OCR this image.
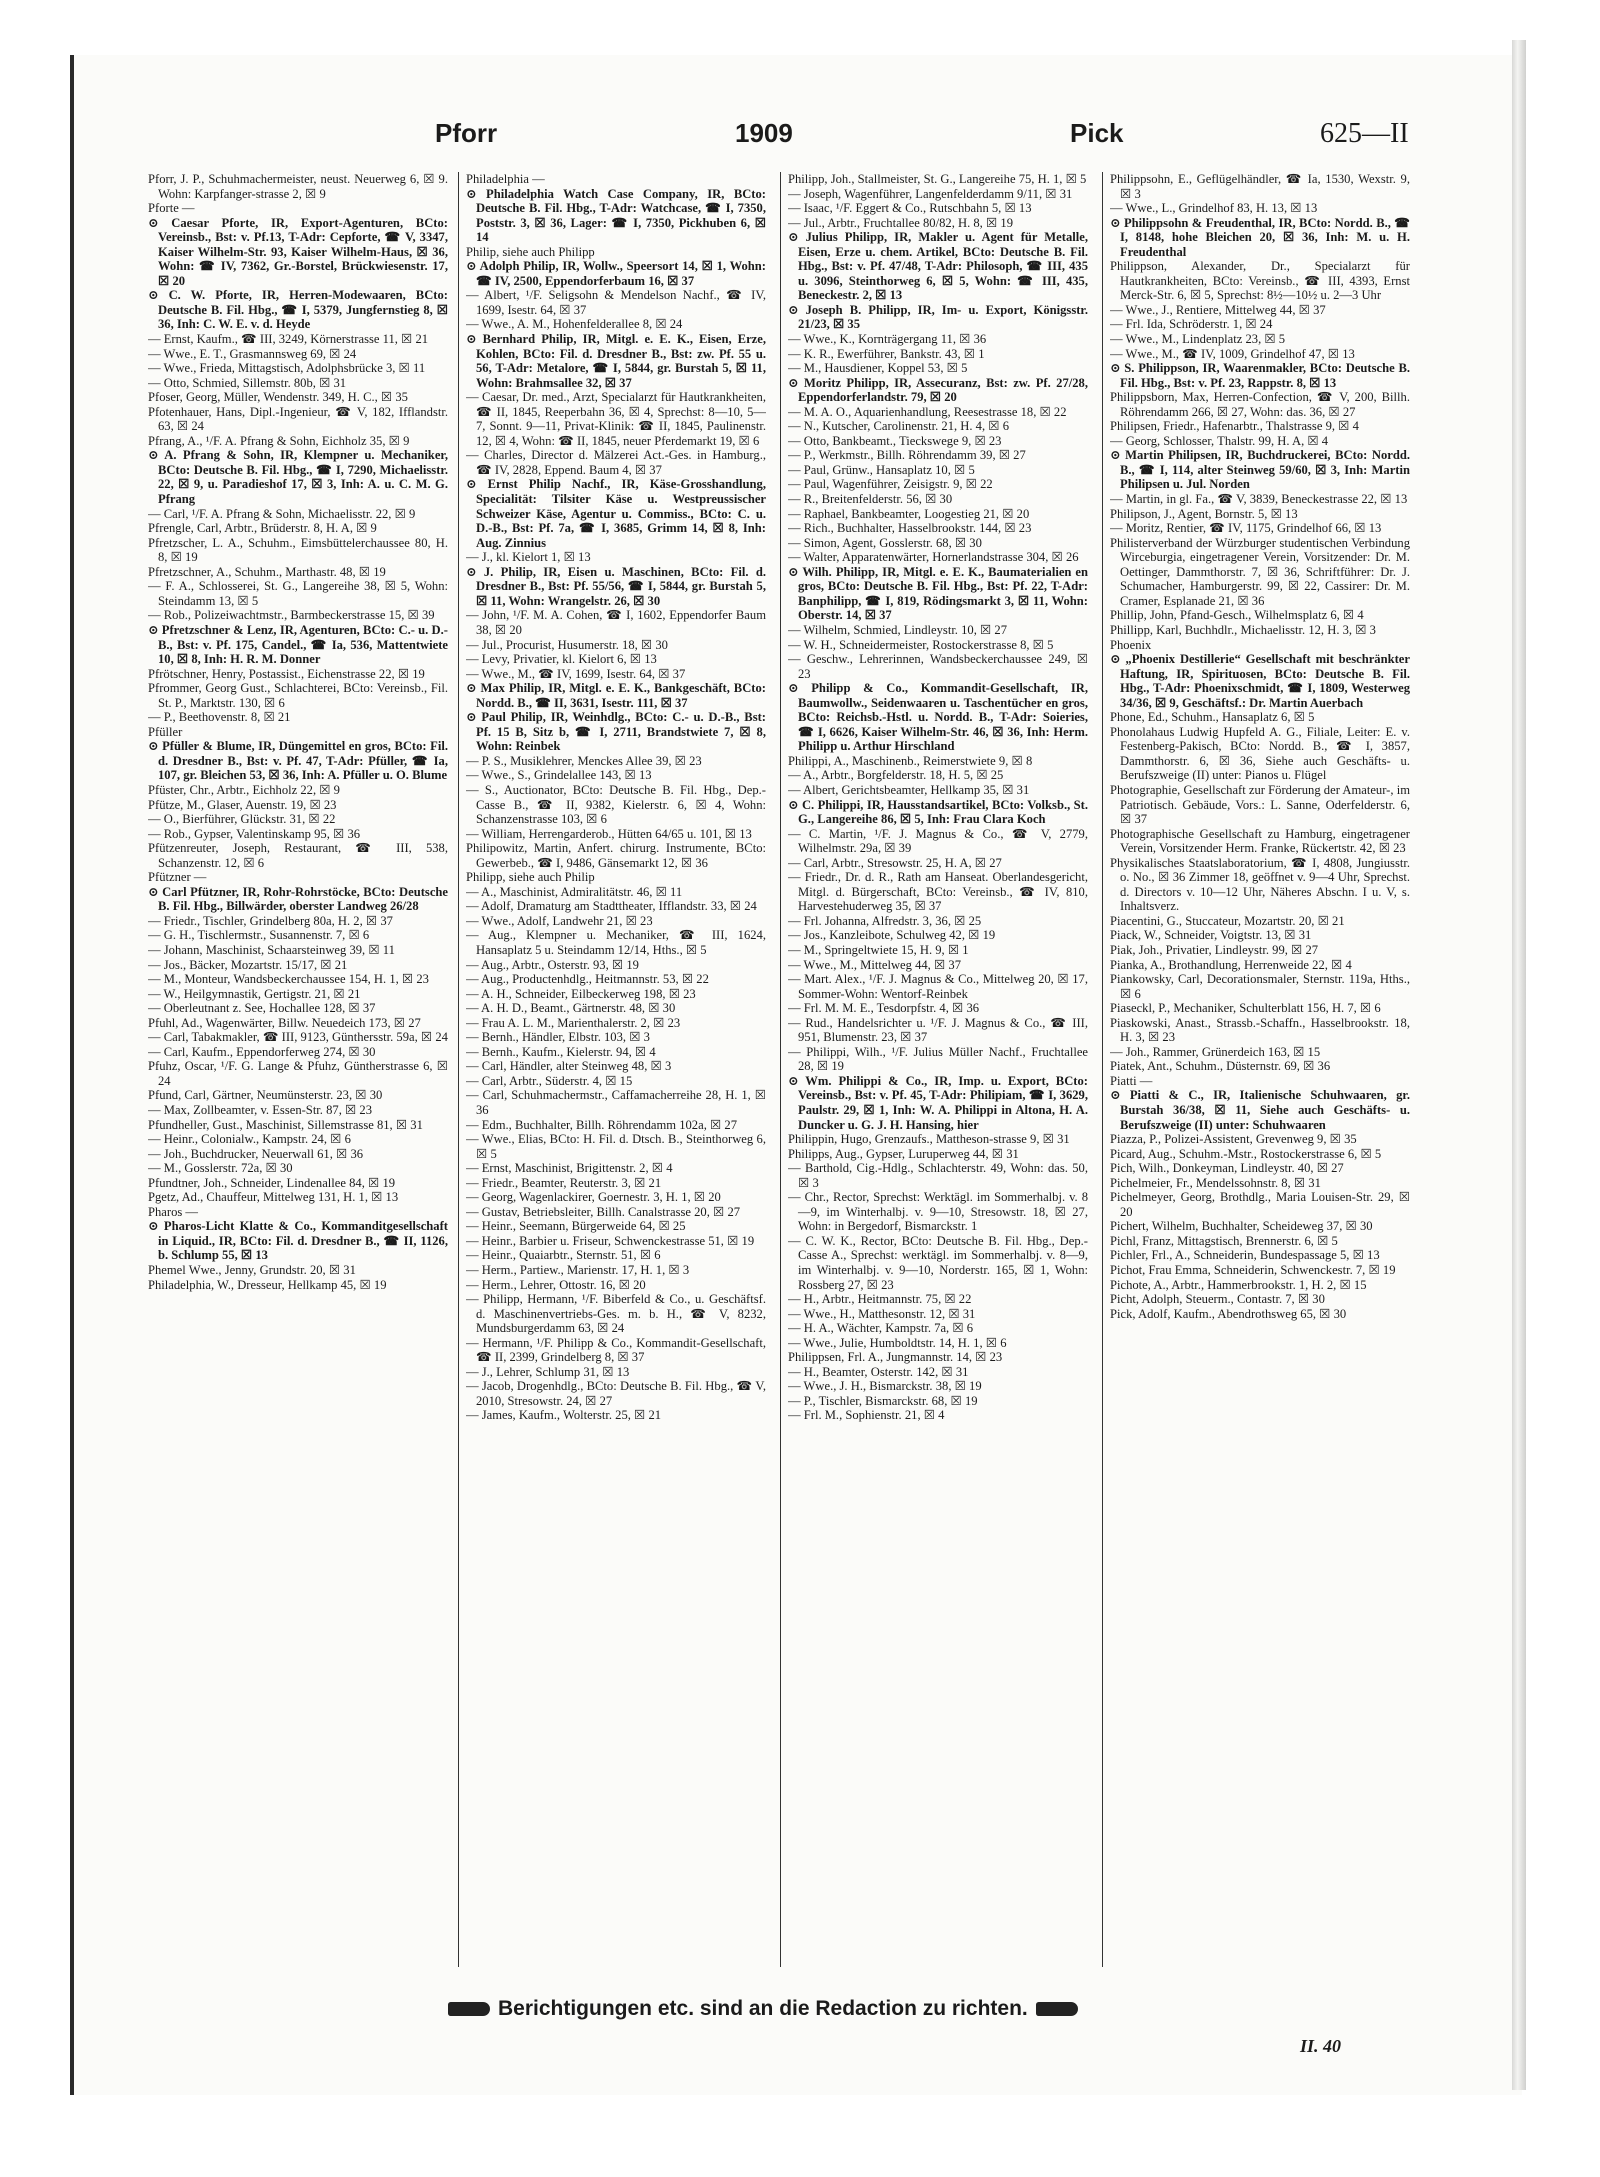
Pforr	1909	Pick	625—II

Pforr, J. P., Schuhmachermeister, neust. Neuerweg 6, ☒ 9. Wohn: Karpfanger-strasse 2, ☒ 9

Pforte —

⊙ Caesar Pforte, IR, Export-Agenturen, BCto: Vereinsb., Bst: v. Pf.13, T-Adr: Cepforte, ☎ V, 3347, Kaiser Wilhelm-Str. 93, Kaiser Wilhelm-Haus, ☒ 36, Wohn: ☎ IV, 7362, Gr.-Borstel, Brückwiesenstr. 17, ☒ 20

⊙ C. W. Pforte, IR, Herren-Modewaaren, BCto: Deutsche B. Fil. Hbg., ☎ I, 5379, Jungfernstieg 8, ☒ 36, Inh: C. W. E. v. d. Heyde

— Ernst, Kaufm., ☎ III, 3249, Körnerstrasse 11, ☒ 21

— Wwe., E. T., Grasmannsweg 69, ☒ 24

— Wwe., Frieda, Mittagstisch, Adolphsbrücke 3, ☒ 11

— Otto, Schmied, Sillemstr. 80b, ☒ 31

Pfoser, Georg, Müller, Wendenstr. 349, H. C., ☒ 35

Pfotenhauer, Hans, Dipl.-Ingenieur, ☎ V, 182, Ifflandstr. 63, ☒ 24

Pfrang, A., ¹/F. A. Pfrang & Sohn, Eichholz 35, ☒ 9

⊙ A. Pfrang & Sohn, IR, Klempner u. Mechaniker, BCto: Deutsche B. Fil. Hbg., ☎ I, 7290, Michaelisstr. 22, ☒ 9, u. Paradieshof 17, ☒ 3, Inh: A. u. C. M. G. Pfrang

— Carl, ¹/F. A. Pfrang & Sohn, Michaelisstr. 22, ☒ 9

Pfrengle, Carl, Arbtr., Brüderstr. 8, H. A, ☒ 9

Pfretzscher, L. A., Schuhm., Eimsbüttelerchaussee 80, H. 8, ☒ 19

Pfretzschner, A., Schuhm., Marthastr. 48, ☒ 19

— F. A., Schlosserei, St. G., Langereihe 38, ☒ 5, Wohn: Steindamm 13, ☒ 5

— Rob., Polizeiwachtmstr., Barmbeckerstrasse 15, ☒ 39

⊙ Pfretzschner & Lenz, IR, Agenturen, BCto: C.- u. D.-B., Bst: v. Pf. 175, Candel., ☎ Ia, 536, Mattentwiete 10, ☒ 8, Inh: H. R. M. Donner

Pfrötschner, Henry, Postassist., Eichenstrasse 22, ☒ 19

Pfrommer, Georg Gust., Schlachterei, BCto: Vereinsb., Fil. St. P., Marktstr. 130, ☒ 6

— P., Beethovenstr. 8, ☒ 21

Pfüller

⊙ Pfüller & Blume, IR, Düngemittel en gros, BCto: Fil. d. Dresdner B., Bst: v. Pf. 47, T-Adr: Pfüller, ☎ Ia, 107, gr. Bleichen 53, ☒ 36, Inh: A. Pfüller u. O. Blume

Pfüster, Chr., Arbtr., Eichholz 22, ☒ 9

Pfütze, M., Glaser, Auenstr. 19, ☒ 23

— O., Bierführer, Glückstr. 31, ☒ 22

— Rob., Gypser, Valentinskamp 95, ☒ 36

Pfützenreuter, Joseph, Restaurant, ☎ III, 538, Schanzenstr. 12, ☒ 6

Pfützner —

⊙ Carl Pfützner, IR, Rohr-Rohrstöcke, BCto: Deutsche B. Fil. Hbg., Billwärder, oberster Landweg 26/28

— Friedr., Tischler, Grindelberg 80a, H. 2, ☒ 37

— G. H., Tischlermstr., Susannenstr. 7, ☒ 6

— Johann, Maschinist, Schaarsteinweg 39, ☒ 11

— Jos., Bäcker, Mozartstr. 15/17, ☒ 21

— M., Monteur, Wandsbeckerchaussee 154, H. 1, ☒ 23

— W., Heilgymnastik, Gertigstr. 21, ☒ 21

— Oberleutnant z. See, Hochallee 128, ☒ 37

Pfuhl, Ad., Wagenwärter, Billw. Neuedeich 173, ☒ 27

— Carl, Tabakmakler, ☎ III, 9123, Günthersstr. 59a, ☒ 24

— Carl, Kaufm., Eppendorferweg 274, ☒ 30

Pfuhz, Oscar, ¹/F. G. Lange & Pfuhz, Güntherstrasse 6, ☒ 24

Pfund, Carl, Gärtner, Neumünsterstr. 23, ☒ 30

— Max, Zollbeamter, v. Essen-Str. 87, ☒ 23

Pfundheller, Gust., Maschinist, Sillemstrasse 81, ☒ 31

— Heinr., Colonialw., Kampstr. 24, ☒ 6

— Joh., Buchdrucker, Neuerwall 61, ☒ 36

— M., Gosslerstr. 72a, ☒ 30

Pfundtner, Joh., Schneider, Lindenallee 84, ☒ 19

Pgetz, Ad., Chauffeur, Mittelweg 131, H. 1, ☒ 13

Pharos —

⊙ Pharos-Licht Klatte & Co., Kommanditgesellschaft in Liquid., IR, BCto: Fil. d. Dresdner B., ☎ II, 1126, b. Schlump 55, ☒ 13

Phemel Wwe., Jenny, Grundstr. 20, ☒ 31

Philadelphia, W., Dresseur, Hellkamp 45, ☒ 19

Philadelphia —

⊙ Philadelphia Watch Case Company, IR, BCto: Deutsche B. Fil. Hbg., T-Adr: Watchcase, ☎ I, 7350, Poststr. 3, ☒ 36, Lager: ☎ I, 7350, Pickhuben 6, ☒ 14

Philip, siehe auch Philipp

⊙ Adolph Philip, IR, Wollw., Speersort 14, ☒ 1, Wohn: ☎ IV, 2500, Eppendorferbaum 16, ☒ 37

— Albert, ¹/F. Seligsohn & Mendelson Nachf., ☎ IV, 1699, Isestr. 64, ☒ 37

— Wwe., A. M., Hohenfelderallee 8, ☒ 24

⊙ Bernhard Philip, IR, Mitgl. e. E. K., Eisen, Erze, Kohlen, BCto: Fil. d. Dresdner B., Bst: zw. Pf. 55 u. 56, T-Adr: Metalore, ☎ I, 5844, gr. Burstah 5, ☒ 11, Wohn: Brahmsallee 32, ☒ 37

— Caesar, Dr. med., Arzt, Specialarzt für Hautkrankheiten, ☎ II, 1845, Reeperbahn 36, ☒ 4, Sprechst: 8—10, 5—7, Sonnt. 9—11, Privat-Klinik: ☎ II, 1845, Paulinenstr. 12, ☒ 4, Wohn: ☎ II, 1845, neuer Pferdemarkt 19, ☒ 6

— Charles, Director d. Mälzerei Act.-Ges. in Hamburg., ☎ IV, 2828, Eppend. Baum 4, ☒ 37

⊙ Ernst Philip Nachf., IR, Käse-Grosshandlung, Specialität: Tilsiter Käse u. Westpreussischer Schweizer Käse, Agentur u. Commiss., BCto: C. u. D.-B., Bst: Pf. 7a, ☎ I, 3685, Grimm 14, ☒ 8, Inh: Aug. Zinnius

— J., kl. Kielort 1, ☒ 13

⊙ J. Philip, IR, Eisen u. Maschinen, BCto: Fil. d. Dresdner B., Bst: Pf. 55/56, ☎ I, 5844, gr. Burstah 5, ☒ 11, Wohn: Wrangelstr. 26, ☒ 30

— John, ¹/F. M. A. Cohen, ☎ I, 1602, Eppendorfer Baum 38, ☒ 20

— Jul., Procurist, Husumerstr. 18, ☒ 30

— Levy, Privatier, kl. Kielort 6, ☒ 13

— Wwe., M., ☎ IV, 1699, Isestr. 64, ☒ 37

⊙ Max Philip, IR, Mitgl. e. E. K., Bankgeschäft, BCto: Nordd. B., ☎ II, 3631, Isestr. 111, ☒ 37

⊙ Paul Philip, IR, Weinhdlg., BCto: C.- u. D.-B., Bst: Pf. 15 B, Sitz b, ☎ I, 2711, Brandstwiete 7, ☒ 8, Wohn: Reinbek

— P. S., Musiklehrer, Menckes Allee 39, ☒ 23

— Wwe., S., Grindelallee 143, ☒ 13

— S., Auctionator, BCto: Deutsche B. Fil. Hbg., Dep.-Casse B., ☎ II, 9382, Kielerstr. 6, ☒ 4, Wohn: Schanzenstrasse 103, ☒ 6

— William, Herrengarderob., Hütten 64/65 u. 101, ☒ 13

Philipowitz, Martin, Anfert. chirurg. Instrumente, BCto: Gewerbeb., ☎ I, 9486, Gänsemarkt 12, ☒ 36

Philipp, siehe auch Philip

— A., Maschinist, Admiralitätstr. 46, ☒ 11

— Adolf, Dramaturg am Stadttheater, Ifflandstr. 33, ☒ 24

— Wwe., Adolf, Landwehr 21, ☒ 23

— Aug., Klempner u. Mechaniker, ☎ III, 1624, Hansaplatz 5 u. Steindamm 12/14, Hths., ☒ 5

— Aug., Arbtr., Osterstr. 93, ☒ 19

— Aug., Productenhdlg., Heitmannstr. 53, ☒ 22

— A. H., Schneider, Eilbeckerweg 198, ☒ 23

— A. H. D., Beamt., Gärtnerstr. 48, ☒ 30

— Frau A. L. M., Marienthalerstr. 2, ☒ 23

— Bernh., Händler, Elbstr. 103, ☒ 3

— Bernh., Kaufm., Kielerstr. 94, ☒ 4

— Carl, Händler, alter Steinweg 48, ☒ 3

— Carl, Arbtr., Süderstr. 4, ☒ 15

— Carl, Schuhmachermstr., Caffamacherreihe 28, H. 1, ☒ 36

— Edm., Buchhalter, Billh. Röhrendamm 102a, ☒ 27

— Wwe., Elias, BCto: H. Fil. d. Dtsch. B., Steinthorweg 6, ☒ 5

— Ernst, Maschinist, Brigittenstr. 2, ☒ 4

— Friedr., Beamter, Reuterstr. 3, ☒ 21

— Georg, Wagenlackirer, Goernestr. 3, H. 1, ☒ 20

— Gustav, Betriebsleiter, Billh. Canalstrasse 20, ☒ 27

— Heinr., Seemann, Bürgerweide 64, ☒ 25

— Heinr., Barbier u. Friseur, Schwenckestrasse 51, ☒ 19

— Heinr., Quaiarbtr., Sternstr. 51, ☒ 6

— Herm., Partiew., Marienstr. 17, H. 1, ☒ 3

— Herm., Lehrer, Ottostr. 16, ☒ 20

— Philipp, Hermann, ¹/F. Biberfeld & Co., u. Geschäftsf. d. Maschinenvertriebs-Ges. m. b. H., ☎ V, 8232, Mundsburgerdamm 63, ☒ 24

— Hermann, ¹/F. Philipp & Co., Kommandit-Gesellschaft, ☎ II, 2399, Grindelberg 8, ☒ 37

— J., Lehrer, Schlump 31, ☒ 13

— Jacob, Drogenhdlg., BCto: Deutsche B. Fil. Hbg., ☎ V, 2010, Stresowstr. 24, ☒ 27

— James, Kaufm., Wolterstr. 25, ☒ 21

Philipp, Joh., Stallmeister, St. G., Langereihe 75, H. 1, ☒ 5

— Joseph, Wagenführer, Langenfelderdamm 9/11, ☒ 31

— Isaac, ¹/F. Eggert & Co., Rutschbahn 5, ☒ 13

— Jul., Arbtr., Fruchtallee 80/82, H. 8, ☒ 19

⊙ Julius Philipp, IR, Makler u. Agent für Metalle, Eisen, Erze u. chem. Artikel, BCto: Deutsche B. Fil. Hbg., Bst: v. Pf. 47/48, T-Adr: Philosoph, ☎ III, 435 u. 3096, Steinthorweg 6, ☒ 5, Wohn: ☎ III, 435, Beneckestr. 2, ☒ 13

⊙ Joseph B. Philipp, IR, Im- u. Export, Königsstr. 21/23, ☒ 35

— Wwe., K., Kornträgergang 11, ☒ 36

— K. R., Ewerführer, Bankstr. 43, ☒ 1

— M., Hausdiener, Koppel 53, ☒ 5

⊙ Moritz Philipp, IR, Assecuranz, Bst: zw. Pf. 27/28, Eppendorferlandstr. 79, ☒ 20

— M. A. O., Aquarienhandlung, Reesestrasse 18, ☒ 22

— N., Kutscher, Carolinenstr. 21, H. 4, ☒ 6

— Otto, Bankbeamt., Tieckswege 9, ☒ 23

— P., Werkmstr., Billh. Röhrendamm 39, ☒ 27

— Paul, Grünw., Hansaplatz 10, ☒ 5

— Paul, Wagenführer, Zeisigstr. 9, ☒ 22

— R., Breitenfelderstr. 56, ☒ 30

— Raphael, Bankbeamter, Loogestieg 21, ☒ 20

— Rich., Buchhalter, Hasselbrookstr. 144, ☒ 23

— Simon, Agent, Gosslerstr. 68, ☒ 30

— Walter, Apparatenwärter, Hornerlandstrasse 304, ☒ 26

⊙ Wilh. Philipp, IR, Mitgl. e. E. K., Baumaterialien en gros, BCto: Deutsche B. Fil. Hbg., Bst: Pf. 22, T-Adr: Banphilipp, ☎ I, 819, Rödingsmarkt 3, ☒ 11, Wohn: Oberstr. 14, ☒ 37

— Wilhelm, Schmied, Lindleystr. 10, ☒ 27

— W. H., Schneidermeister, Rostockerstrasse 8, ☒ 5

— Geschw., Lehrerinnen, Wandsbeckerchaussee 249, ☒ 23

⊙ Philipp & Co., Kommandit-Gesellschaft, IR, Baumwollw., Seidenwaaren u. Taschentücher en gros, BCto: Reichsb.-Hstl. u. Nordd. B., T-Adr: Soieries, ☎ I, 6626, Kaiser Wilhelm-Str. 46, ☒ 36, Inh: Herm. Philipp u. Arthur Hirschland

Philippi, A., Maschinenb., Reimerstwiete 9, ☒ 8

— A., Arbtr., Borgfelderstr. 18, H. 5, ☒ 25

— Albert, Gerichtsbeamter, Hellkamp 35, ☒ 31

⊙ C. Philippi, IR, Hausstandsartikel, BCto: Volksb., St. G., Langereihe 86, ☒ 5, Inh: Frau Clara Koch

— C. Martin, ¹/F. J. Magnus & Co., ☎ V, 2779, Wilhelmstr. 29a, ☒ 39

— Carl, Arbtr., Stresowstr. 25, H. A, ☒ 27

— Friedr., Dr. d. R., Rath am Hanseat. Oberlandesgericht, Mitgl. d. Bürgerschaft, BCto: Vereinsb., ☎ IV, 810, Harvestehuderweg 35, ☒ 37

— Frl. Johanna, Alfredstr. 3, 36, ☒ 25

— Jos., Kanzleibote, Schulweg 42, ☒ 19

— M., Springeltwiete 15, H. 9, ☒ 1

— Wwe., M., Mittelweg 44, ☒ 37

— Mart. Alex., ¹/F. J. Magnus & Co., Mittelweg 20, ☒ 17, Sommer-Wohn: Wentorf-Reinbek

— Frl. M. M. E., Tesdorpfstr. 4, ☒ 36

— Rud., Handelsrichter u. ¹/F. J. Magnus & Co., ☎ III, 951, Blumenstr. 23, ☒ 37

— Philippi, Wilh., ¹/F. Julius Müller Nachf., Fruchtallee 28, ☒ 19

⊙ Wm. Philippi & Co., IR, Imp. u. Export, BCto: Vereinsb., Bst: v. Pf. 45, T-Adr: Philipiam, ☎ I, 3629, Paulstr. 29, ☒ 1, Inh: W. A. Philippi in Altona, H. A. Duncker u. G. J. H. Hansing, hier

Philippin, Hugo, Grenzaufs., Mattheson-strasse 9, ☒ 31

Philipps, Aug., Gypser, Luruperweg 44, ☒ 31

— Barthold, Cig.-Hdlg., Schlachterstr. 49, Wohn: das. 50, ☒ 3

— Chr., Rector, Sprechst: Werktägl. im Sommerhalbj. v. 8—9, im Winterhalbj. v. 9—10, Stresowstr. 18, ☒ 27, Wohn: in Bergedorf, Bismarckstr. 1

— C. W. K., Rector, BCto: Deutsche B. Fil. Hbg., Dep.-Casse A., Sprechst: werktägl. im Sommerhalbj. v. 8—9, im Winterhalbj. v. 9—10, Norderstr. 165, ☒ 1, Wohn: Rossberg 27, ☒ 23

— H., Arbtr., Heitmannstr. 75, ☒ 22

— Wwe., H., Matthesonstr. 12, ☒ 31

— H. A., Wächter, Kampstr. 7a, ☒ 6

— Wwe., Julie, Humboldtstr. 14, H. 1, ☒ 6

Philippsen, Frl. A., Jungmannstr. 14, ☒ 23

— H., Beamter, Osterstr. 142, ☒ 31

— Wwe., J. H., Bismarckstr. 38, ☒ 19

— P., Tischler, Bismarckstr. 68, ☒ 19

— Frl. M., Sophienstr. 21, ☒ 4

Philippsohn, E., Geflügelhändler, ☎ Ia, 1530, Wexstr. 9, ☒ 3

— Wwe., L., Grindelhof 83, H. 13, ☒ 13

⊙ Philippsohn & Freudenthal, IR, BCto: Nordd. B., ☎ I, 8148, hohe Bleichen 20, ☒ 36, Inh: M. u. H. Freudenthal

Philippson, Alexander, Dr., Specialarzt für Hautkrankheiten, BCto: Vereinsb., ☎ III, 4393, Ernst Merck-Str. 6, ☒ 5, Sprechst: 8½—10½ u. 2—3 Uhr

— Wwe., J., Rentiere, Mittelweg 44, ☒ 37

— Frl. Ida, Schröderstr. 1, ☒ 24

— Wwe., M., Lindenplatz 23, ☒ 5

— Wwe., M., ☎ IV, 1009, Grindelhof 47, ☒ 13

⊙ S. Philippson, IR, Waarenmakler, BCto: Deutsche B. Fil. Hbg., Bst: v. Pf. 23, Rappstr. 8, ☒ 13

Philippsborn, Max, Herren-Confection, ☎ V, 200, Billh. Röhrendamm 266, ☒ 27, Wohn: das. 36, ☒ 27

Philipsen, Friedr., Hafenarbtr., Thalstrasse 9, ☒ 4

— Georg, Schlosser, Thalstr. 99, H. A, ☒ 4

⊙ Martin Philipsen, IR, Buchdruckerei, BCto: Nordd. B., ☎ I, 114, alter Steinweg 59/60, ☒ 3, Inh: Martin Philipsen u. Jul. Norden

— Martin, in gl. Fa., ☎ V, 3839, Beneckestrasse 22, ☒ 13

Philipson, J., Agent, Bornstr. 5, ☒ 13

— Moritz, Rentier, ☎ IV, 1175, Grindelhof 66, ☒ 13

Philisterverband der Würzburger studentischen Verbindung Wirceburgia, eingetragener Verein, Vorsitzender: Dr. M. Oettinger, Dammthorstr. 7, ☒ 36, Schriftführer: Dr. J. Schumacher, Hamburgerstr. 99, ☒ 22, Cassirer: Dr. M. Cramer, Esplanade 21, ☒ 36

Phillip, John, Pfand-Gesch., Wilhelmsplatz 6, ☒ 4

Phillipp, Karl, Buchhdlr., Michaelisstr. 12, H. 3, ☒ 3

Phoenix

⊙ „Phoenix Destillerie“ Gesellschaft mit beschränkter Haftung, IR, Spirituosen, BCto: Deutsche B. Fil. Hbg., T-Adr: Phoenixschmidt, ☎ I, 1809, Westerweg 34/36, ☒ 9, Geschäftsf.: Dr. Martin Auerbach

Phone, Ed., Schuhm., Hansaplatz 6, ☒ 5

Phonolahaus Ludwig Hupfeld A. G., Filiale, Leiter: E. v. Festenberg-Pakisch, BCto: Nordd. B., ☎ I, 3857, Dammthorstr. 6, ☒ 36, Siehe auch Geschäfts- u. Berufszweige (II) unter: Pianos u. Flügel

Photographie, Gesellschaft zur Förderung der Amateur-, im Patriotisch. Gebäude, Vors.: L. Sanne, Oderfelderstr. 6, ☒ 37

Photographische Gesellschaft zu Hamburg, eingetragener Verein, Vorsitzender Herm. Franke, Rückertstr. 42, ☒ 23

Physikalisches Staatslaboratorium, ☎ I, 4808, Jungiusstr. o. No., ☒ 36 Zimmer 18, geöffnet v. 9—4 Uhr, Sprechst. d. Directors v. 10—12 Uhr, Näheres Abschn. I u. V, s. Inhaltsverz.

Piacentini, G., Stuccateur, Mozartstr. 20, ☒ 21

Piack, W., Schneider, Voigtstr. 13, ☒ 31

Piak, Joh., Privatier, Lindleystr. 99, ☒ 27

Pianka, A., Brothandlung, Herrenweide 22, ☒ 4

Piankowsky, Carl, Decorationsmaler, Sternstr. 119a, Hths., ☒ 6

Piaseckl, P., Mechaniker, Schulterblatt 156, H. 7, ☒ 6

Piaskowski, Anast., Strassb.-Schaffn., Hasselbrookstr. 18, H. 3, ☒ 23

— Joh., Rammer, Grünerdeich 163, ☒ 15

Piatek, Ant., Schuhm., Düsternstr. 69, ☒ 36

Piatti —

⊙ Piatti & C., IR, Italienische Schuhwaaren, gr. Burstah 36/38, ☒ 11, Siehe auch Geschäfts- u. Berufszweige (II) unter: Schuhwaaren

Piazza, P., Polizei-Assistent, Grevenweg 9, ☒ 35

Picard, Aug., Schuhm.-Mstr., Rostockerstrasse 6, ☒ 5

Pich, Wilh., Donkeyman, Lindleystr. 40, ☒ 27

Pichelmeier, Fr., Mendelssohnstr. 8, ☒ 31

Pichelmeyer, Georg, Brothdlg., Maria Louisen-Str. 29, ☒ 20

Pichert, Wilhelm, Buchhalter, Scheideweg 37, ☒ 30

Pichl, Franz, Mittagstisch, Brennerstr. 6, ☒ 5

Pichler, Frl., A., Schneiderin, Bundespassage 5, ☒ 13

Pichot, Frau Emma, Schneiderin, Schwenckestr. 7, ☒ 19

Pichote, A., Arbtr., Hammerbrookstr. 1, H. 2, ☒ 15

Picht, Adolph, Steuerm., Contastr. 7, ☒ 30

Pick, Adolf, Kaufm., Abendrothsweg 65, ☒ 30

Berichtigungen etc. sind an die Redaction zu richten.
II. 40
